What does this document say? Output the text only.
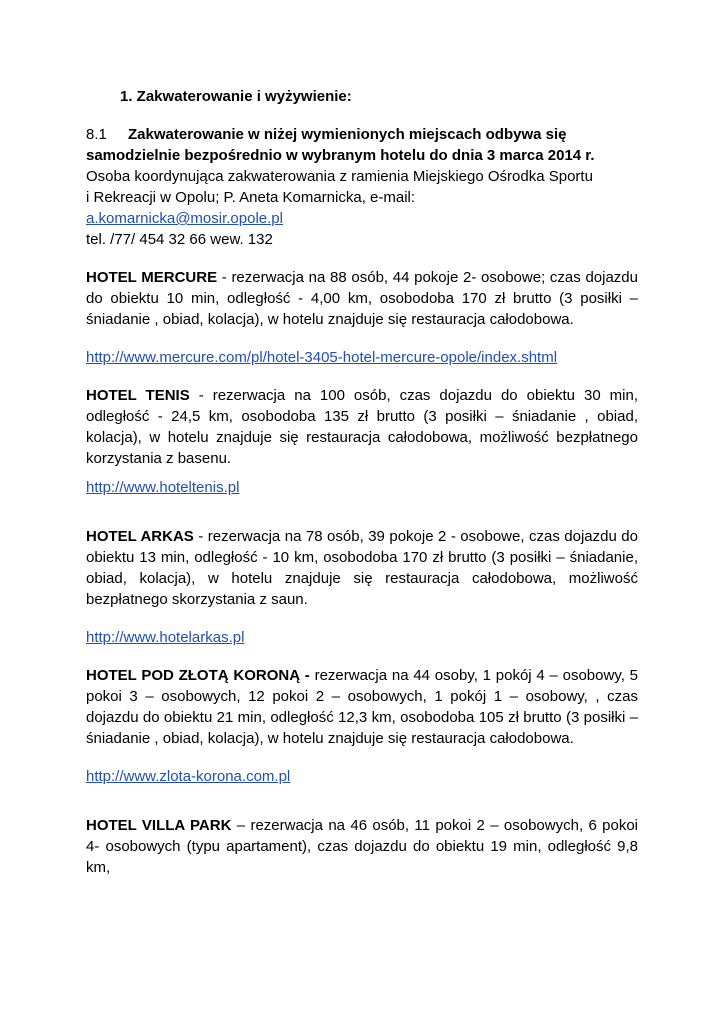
1. Zakwaterowanie i wyżywienie:
8.1 Zakwaterowanie w niżej wymienionych miejscach odbywa się
samodzielnie bezpośrednio w wybranym hotelu do dnia 3 marca 2014 r.
Osoba koordynująca zakwaterowania z ramienia Miejskiego Ośrodka Sportu
i Rekreacji w Opolu; P. Aneta Komarnicka, e-mail:
a.komarnicka@mosir.opole.pl
tel. /77/ 454 32 66 wew. 132
HOTEL MERCURE - rezerwacja na 88 osób, 44 pokoje 2- osobowe; czas dojazdu do obiektu 10 min, odległość - 4,00 km, osobodoba 170 zł brutto (3 posiłki – śniadanie , obiad, kolacja), w hotelu znajduje się restauracja całodobowa.
http://www.mercure.com/pl/hotel-3405-hotel-mercure-opole/index.shtml
HOTEL TENIS - rezerwacja na 100 osób, czas dojazdu do obiektu 30 min, odległość - 24,5 km, osobodoba 135 zł brutto (3 posiłki – śniadanie , obiad, kolacja), w hotelu znajduje się restauracja całodobowa, możliwość bezpłatnego korzystania z basenu.
http://www.hoteltenis.pl
HOTEL ARKAS - rezerwacja na 78 osób, 39 pokoje 2 - osobowe, czas dojazdu do obiektu 13 min, odległość - 10 km, osobodoba 170 zł brutto (3 posiłki – śniadanie, obiad, kolacja), w hotelu znajduje się restauracja całodobowa, możliwość bezpłatnego skorzystania z saun.
http://www.hotelarkas.pl
HOTEL POD ZŁOTĄ KORONĄ - rezerwacja na 44 osoby, 1 pokój 4 – osobowy, 5 pokoi 3 – osobowych, 12 pokoi 2 – osobowych, 1 pokój 1 – osobowy, , czas dojazdu do obiektu 21 min, odległość 12,3 km, osobodoba 105 zł brutto (3 posiłki – śniadanie , obiad, kolacja), w hotelu znajduje się restauracja całodobowa.
http://www.zlota-korona.com.pl
HOTEL VILLA PARK – rezerwacja na 46 osób, 11 pokoi 2 – osobowych, 6 pokoi 4- osobowych (typu apartament), czas dojazdu do obiektu 19 min, odległość 9,8 km,
